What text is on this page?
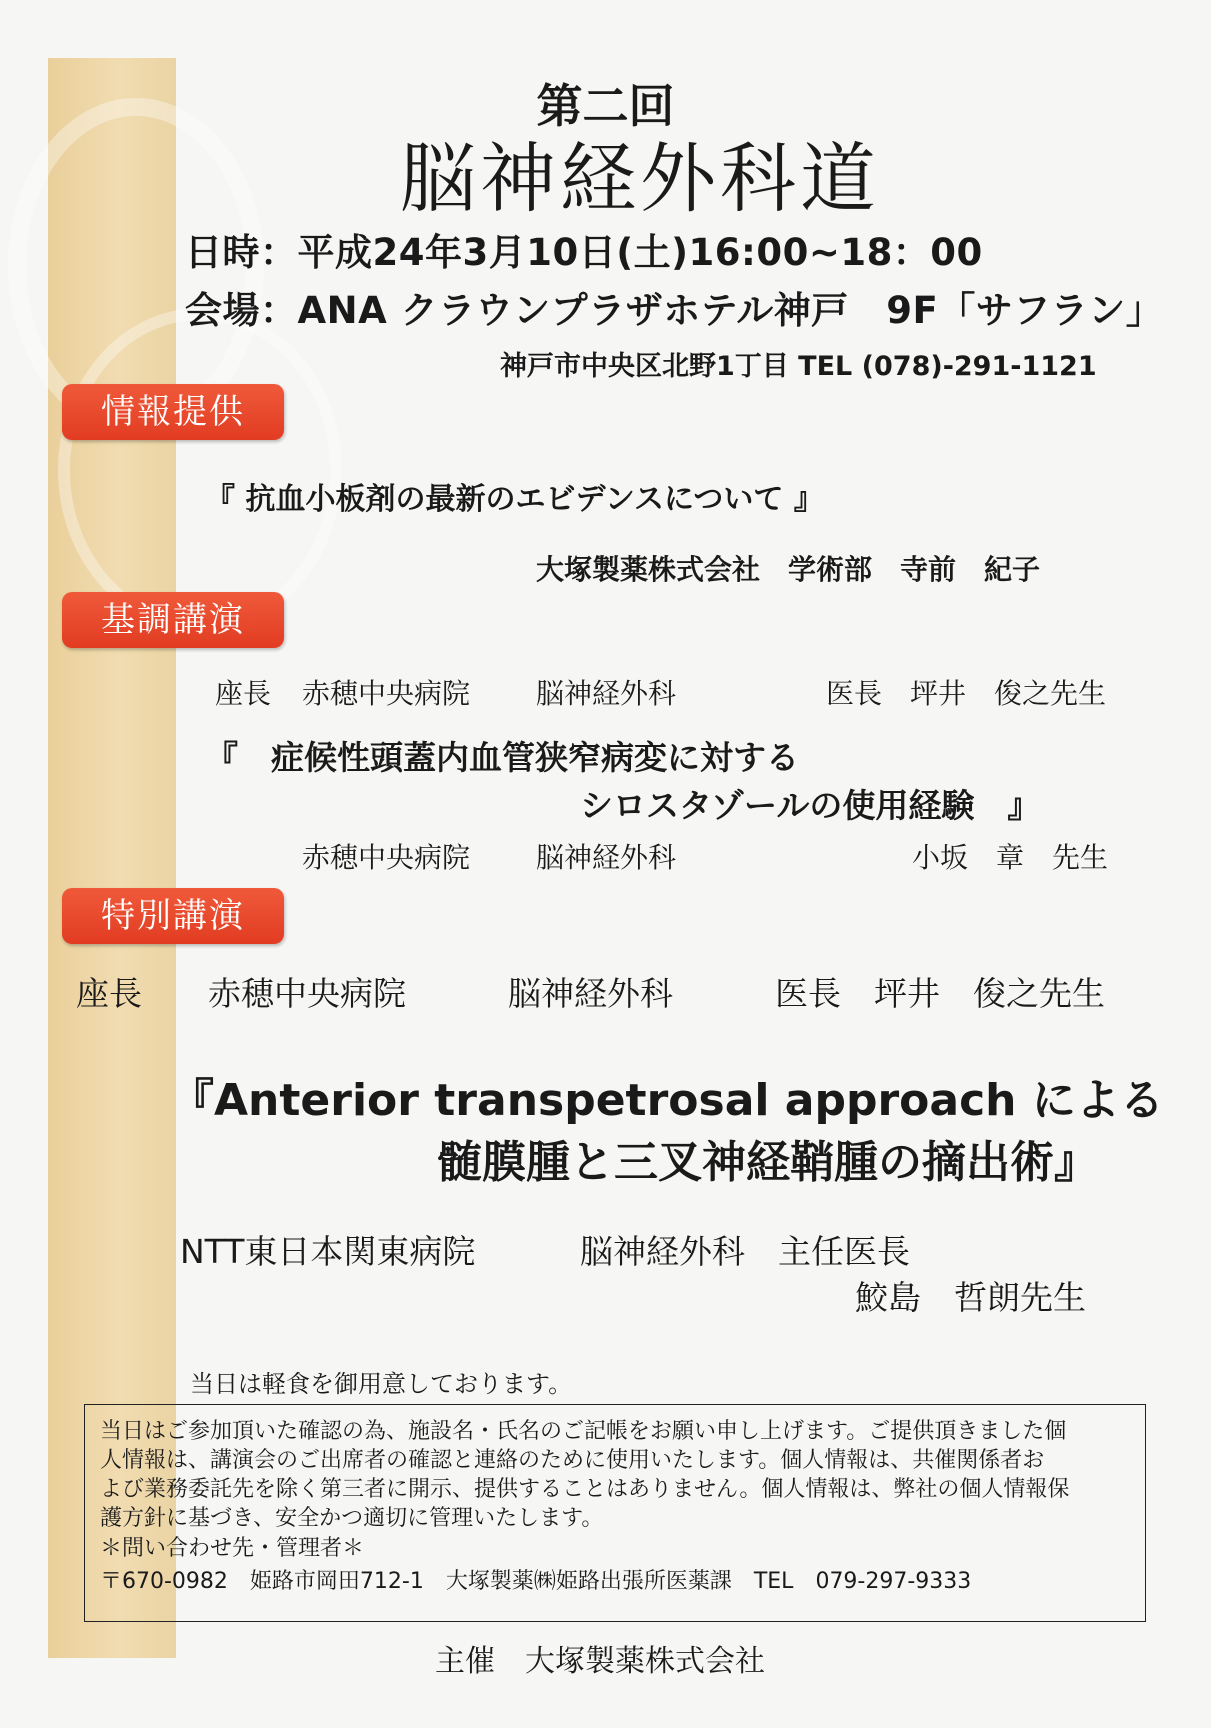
第二回
脳神経外科道
日時：平成24年3月10日(土)16:00~18：00
会場：ANA クラウンプラザホテル神戸　9F「サフラン」
神戸市中央区北野1丁目 TEL (078)-291-1121
情報提供
『 抗血小板剤の最新のエビデンスについて 』
大塚製薬株式会社　学術部　寺前　紀子
基調講演
座長 赤穂中央病院 脳神経外科	医長　坪井　俊之先生
『　症候性頭蓋内血管狭窄病変に対する
シロスタゾールの使用経験　』
赤穂中央病院 脳神経外科	小坂　章　先生
特別講演
座長 赤穂中央病院	脳神経外科	医長　坪井　俊之先生
『Anterior transpetrosal approach による
髄膜腫と三叉神経鞘腫の摘出術』
NTT東日本関東病院	脳神経外科　主任医長
鮫島　哲朗先生
当日は軽食を御用意しております。
当日はご参加頂いた確認の為、施設名・氏名のご記帳をお願い申し上げます。ご提供頂きました個
人情報は、講演会のご出席者の確認と連絡のために使用いたします。個人情報は、共催関係者お
よび業務委託先を除く第三者に開示、提供することはありません。個人情報は、弊社の個人情報保
護方針に基づき、安全かつ適切に管理いたします。
＊問い合わせ先・管理者＊
〒670-0982　姫路市岡田712-1　大塚製薬㈱姫路出張所医薬課　TEL　079-297-9333
主催　大塚製薬株式会社
